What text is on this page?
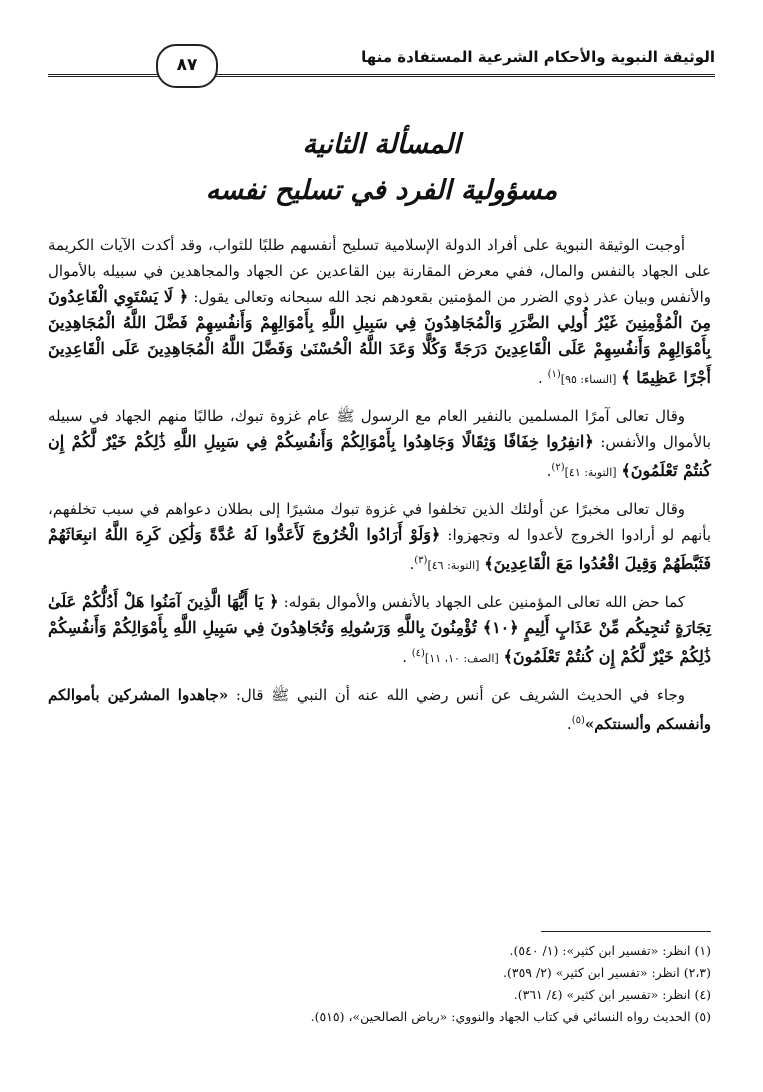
الوثيقة النبوية والأحكام الشرعية المستفادة منها
٨٧

المسألة الثانية

مسؤولية الفرد في تسليح نفسه

أوجبت الوثيقة النبوية على أفراد الدولة الإسلامية تسليح أنفسهم طلبًا للثواب، وقد أكدت الآيات الكريمة على الجهاد بالنفس والمال، ففي معرض المقارنة بين القاعدين عن الجهاد والمجاهدين في سبيله بالأموال والأنفس وبيان عذر ذوي الضرر من المؤمنين بقعودهم نجد الله سبحانه وتعالى يقول: ﴿ لَا يَسْتَوِي الْقَاعِدُونَ مِنَ الْمُؤْمِنِينَ غَيْرُ أُولِي الضَّرَرِ وَالْمُجَاهِدُونَ فِي سَبِيلِ اللَّهِ بِأَمْوَالِهِمْ وَأَنفُسِهِمْ فَضَّلَ اللَّهُ الْمُجَاهِدِينَ بِأَمْوَالِهِمْ وَأَنفُسِهِمْ عَلَى الْقَاعِدِينَ دَرَجَةً وَكُلًّا وَعَدَ اللَّهُ الْحُسْنَىٰ وَفَضَّلَ اللَّهُ الْمُجَاهِدِينَ عَلَى الْقَاعِدِينَ أَجْرًا عَظِيمًا ﴾ [النساء: ٩٥]$^{(١)}$ .

وقال تعالى آمرًا المسلمين بالنفير العام مع الرسول ﷺ عام غزوة تبوك، طالبًا منهم الجهاد في سبيله بالأموال والأنفس: ﴿انفِرُوا خِفَافًا وَثِقَالًا وَجَاهِدُوا بِأَمْوَالِكُمْ وَأَنفُسِكُمْ فِي سَبِيلِ اللَّهِ ذَٰلِكُمْ خَيْرٌ لَّكُمْ إِن كُنتُمْ تَعْلَمُونَ﴾ [التوبة: ٤١]$^{(٢)}$.

وقال تعالى مخبرًا عن أولئك الذين تخلفوا في غزوة تبوك مشيرًا إلى بطلان دعواهم في سبب تخلفهم، بأنهم لو أرادوا الخروج لأعدوا له وتجهزوا: ﴿وَلَوْ أَرَادُوا الْخُرُوجَ لَأَعَدُّوا لَهُ عُدَّةً وَلَٰكِن كَرِهَ اللَّهُ انبِعَاثَهُمْ فَثَبَّطَهُمْ وَقِيلَ اقْعُدُوا مَعَ الْقَاعِدِينَ﴾ [التوبة: ٤٦]$^{(٣)}$.

كما حض الله تعالى المؤمنين على الجهاد بالأنفس والأموال بقوله: ﴿ يَا أَيُّهَا الَّذِينَ آمَنُوا هَلْ أَدُلُّكُمْ عَلَىٰ تِجَارَةٍ تُنجِيكُم مِّنْ عَذَابٍ أَلِيمٍ ﴿١٠﴾ تُؤْمِنُونَ بِاللَّهِ وَرَسُولِهِ وَتُجَاهِدُونَ فِي سَبِيلِ اللَّهِ بِأَمْوَالِكُمْ وَأَنفُسِكُمْ ذَٰلِكُمْ خَيْرٌ لَّكُمْ إِن كُنتُمْ تَعْلَمُونَ﴾ [الصف: ١٠، ١١]$^{(٤)}$ .

وجاء في الحديث الشريف عن أنس رضي الله عنه أن النبي ﷺ قال: «جاهدوا المشركين بأموالكم وأنفسكم وألسنتكم»$^{(٥)}$.

(١) انظر: «تفسير ابن كثير»: (١/ ٥٤٠).

(٢،٣) انظر: «تفسير ابن كثير» (٢/ ٣٥٩).

(٤) انظر: «تفسير ابن كثير» (٤/ ٣٦١).

(٥) الحديث رواه النسائي في كتاب الجهاد والنووي: «رياض الصالحين»، (٥١٥).
